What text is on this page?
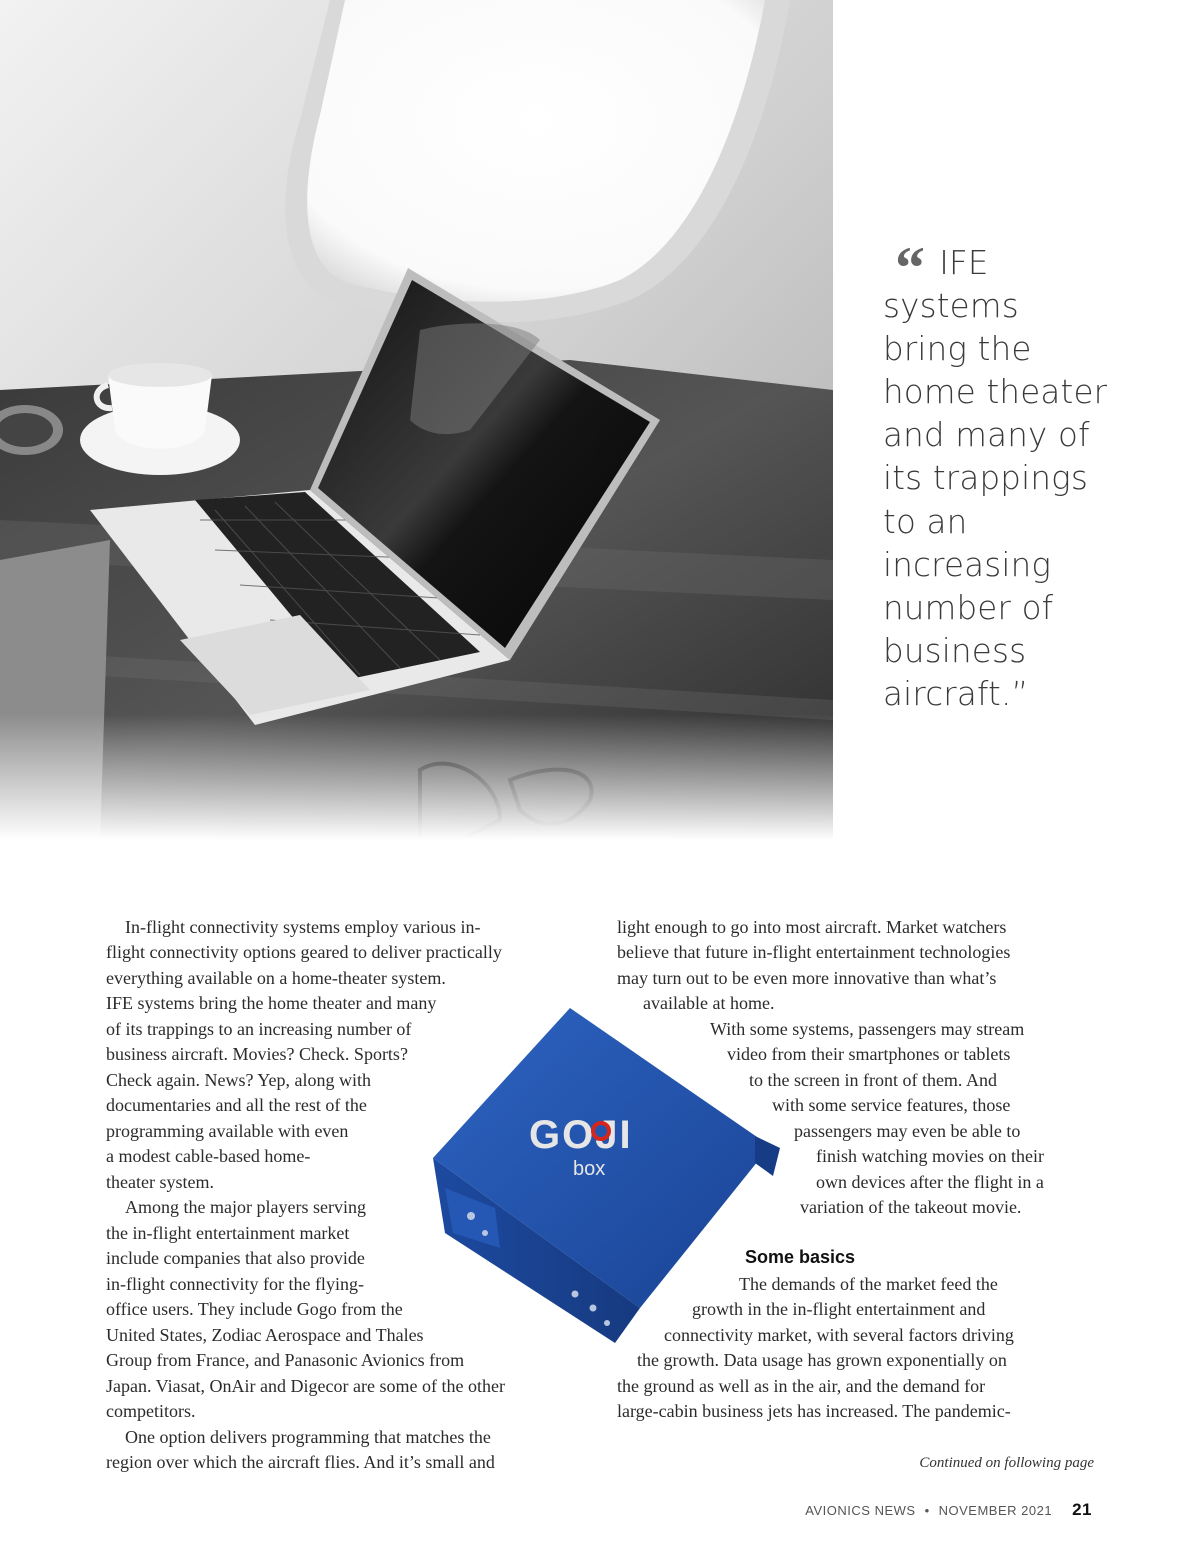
“ IFE
systems
bring the
home theater
and many of
its trappings
to an
increasing
number of
business
aircraft.”
In-flight connectivity systems employ various in-
flight connectivity options geared to deliver practically
everything available on a home-theater system.
IFE systems bring the home theater and many
of its trappings to an increasing number of
business aircraft. Movies? Check. Sports?
Check again. News? Yep, along with
documentaries and all the rest of the
programming available with even
a modest cable-based home-
theater system.
Among the major players serving
the in-flight entertainment market
include companies that also provide
in-flight connectivity for the flying-
office users. They include Gogo from the
United States, Zodiac Aerospace and Thales
Group from France, and Panasonic Avionics from
Japan. Viasat, OnAir and Digecor are some of the other
competitors.
One option delivers programming that matches the
region over which the aircraft flies. And it’s small and
light enough to go into most aircraft. Market watchers
believe that future in-flight entertainment technologies
may turn out to be even more innovative than what’s
available at home.
With some systems, passengers may stream
video from their smartphones or tablets
to the screen in front of them. And
with some service features, those
passengers may even be able to
finish watching movies on their
own devices after the flight in a
variation of the takeout movie.
Some basics
The demands of the market feed the
growth in the in-flight entertainment and
connectivity market, with several factors driving
the growth. Data usage has grown exponentially on
the ground as well as in the air, and the demand for
large-cabin business jets has increased. The pandemic-
GOJI
box
Continued on following page
AVIONICS NEWS • NOVEMBER 2021 21
